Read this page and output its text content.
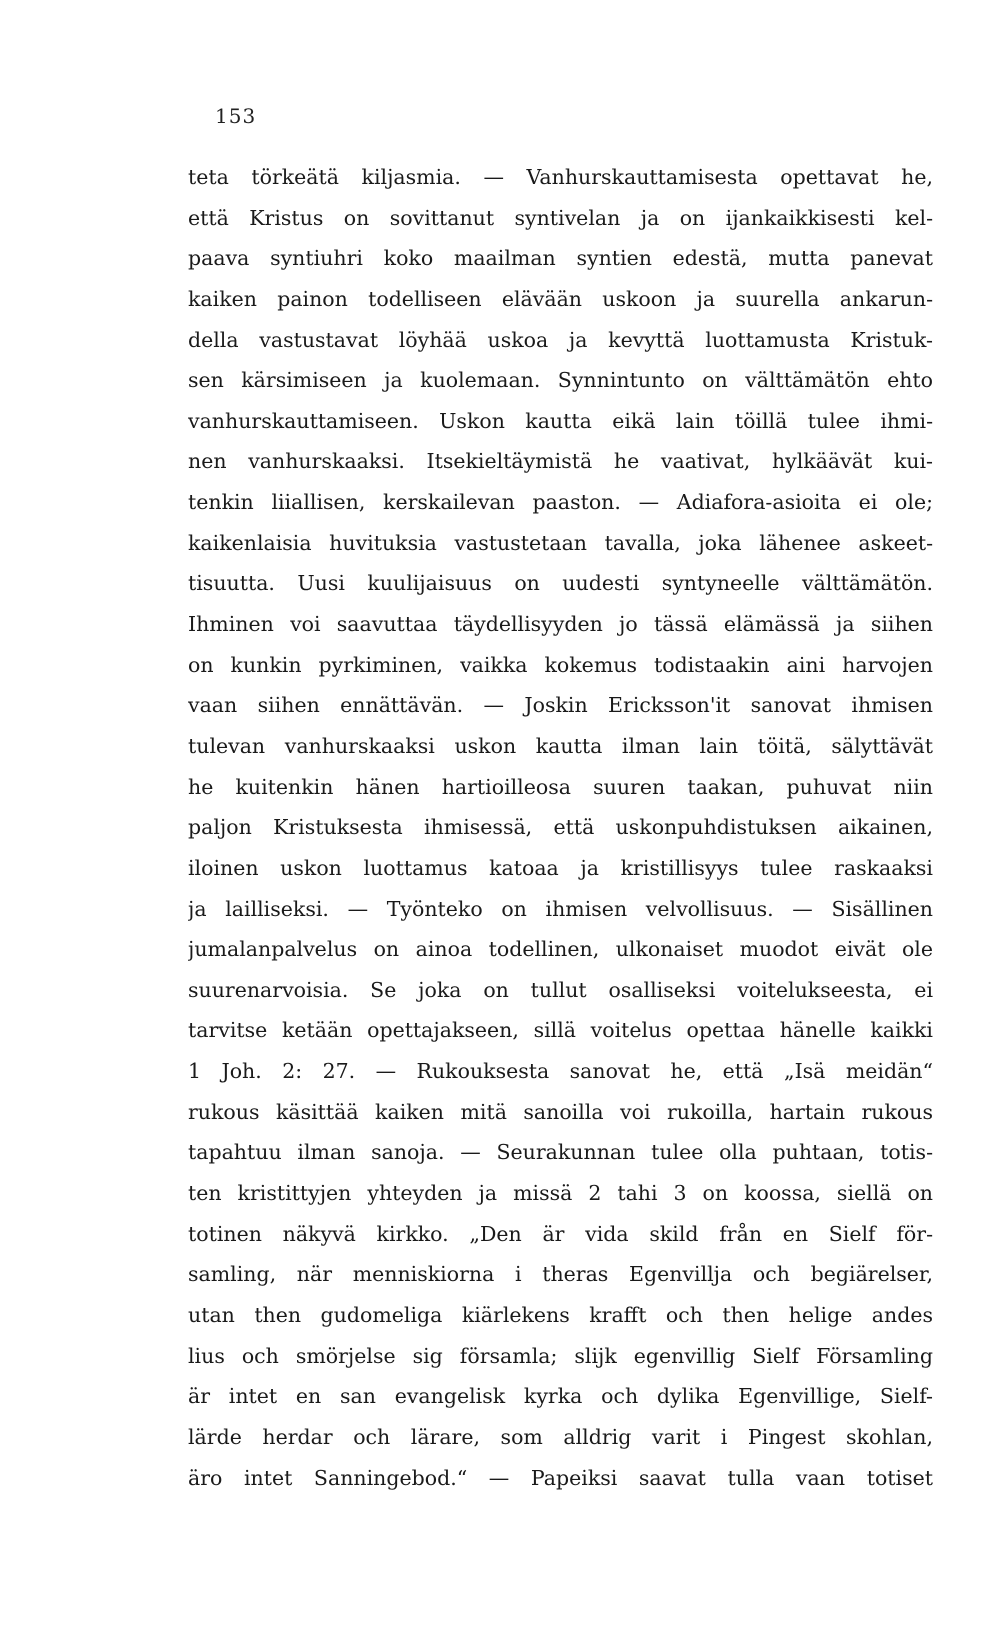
153
teta törkeätä kiljasmia. — Vanhurskauttamisesta opettavat he,
että Kristus on sovittanut syntivelan ja on ijankaikkisesti kel-
paava syntiuhri koko maailman syntien edestä, mutta panevat
kaiken painon todelliseen elävään uskoon ja suurella ankarun-
della vastustavat löyhää uskoa ja kevyttä luottamusta Kristuk-
sen kärsimiseen ja kuolemaan. Synnintunto on välttämätön ehto
vanhurskauttamiseen. Uskon kautta eikä lain töillä tulee ihmi-
nen vanhurskaaksi. Itsekieltäymistä he vaativat, hylkäävät kui-
tenkin liiallisen, kerskailevan paaston. — Adiafora-asioita ei ole;
kaikenlaisia huvituksia vastustetaan tavalla, joka lähenee askeet-
tisuutta. Uusi kuulijaisuus on uudesti syntyneelle välttämätön.
Ihminen voi saavuttaa täydellisyyden jo tässä elämässä ja siihen
on kunkin pyrkiminen, vaikka kokemus todistaakin aini harvojen
vaan siihen ennättävän. — Joskin Ericksson'it sanovat ihmisen
tulevan vanhurskaaksi uskon kautta ilman lain töitä, sälyttävät
he kuitenkin hänen hartioilleosa suuren taakan, puhuvat niin
paljon Kristuksesta ihmisessä, että uskonpuhdistuksen aikainen,
iloinen uskon luottamus katoaa ja kristillisyys tulee raskaaksi
ja lailliseksi. — Työnteko on ihmisen velvollisuus. — Sisällinen
jumalanpalvelus on ainoa todellinen, ulkonaiset muodot eivät ole
suurenarvoisia. Se joka on tullut osalliseksi voitelukseesta, ei
tarvitse ketään opettajakseen, sillä voitelus opettaa hänelle kaikki
1 Joh. 2: 27. — Rukouksesta sanovat he, että „Isä meidän“
rukous käsittää kaiken mitä sanoilla voi rukoilla, hartain rukous
tapahtuu ilman sanoja. — Seurakunnan tulee olla puhtaan, totis-
ten kristittyjen yhteyden ja missä 2 tahi 3 on koossa, siellä on
totinen näkyvä kirkko. „Den är vida skild från en Sielf för-
samling, när menniskiorna i theras Egenvillja och begiärelser,
utan then gudomeliga kiärlekens krafft och then helige andes
lius och smörjelse sig församla; slijk egenvillig Sielf Församling
är intet en san evangelisk kyrka och dylika Egenvillige, Sielf-
lärde herdar och lärare, som alldrig varit i Pingest skohlan,
äro intet Sanningebod.“ — Papeiksi saavat tulla vaan totiset
